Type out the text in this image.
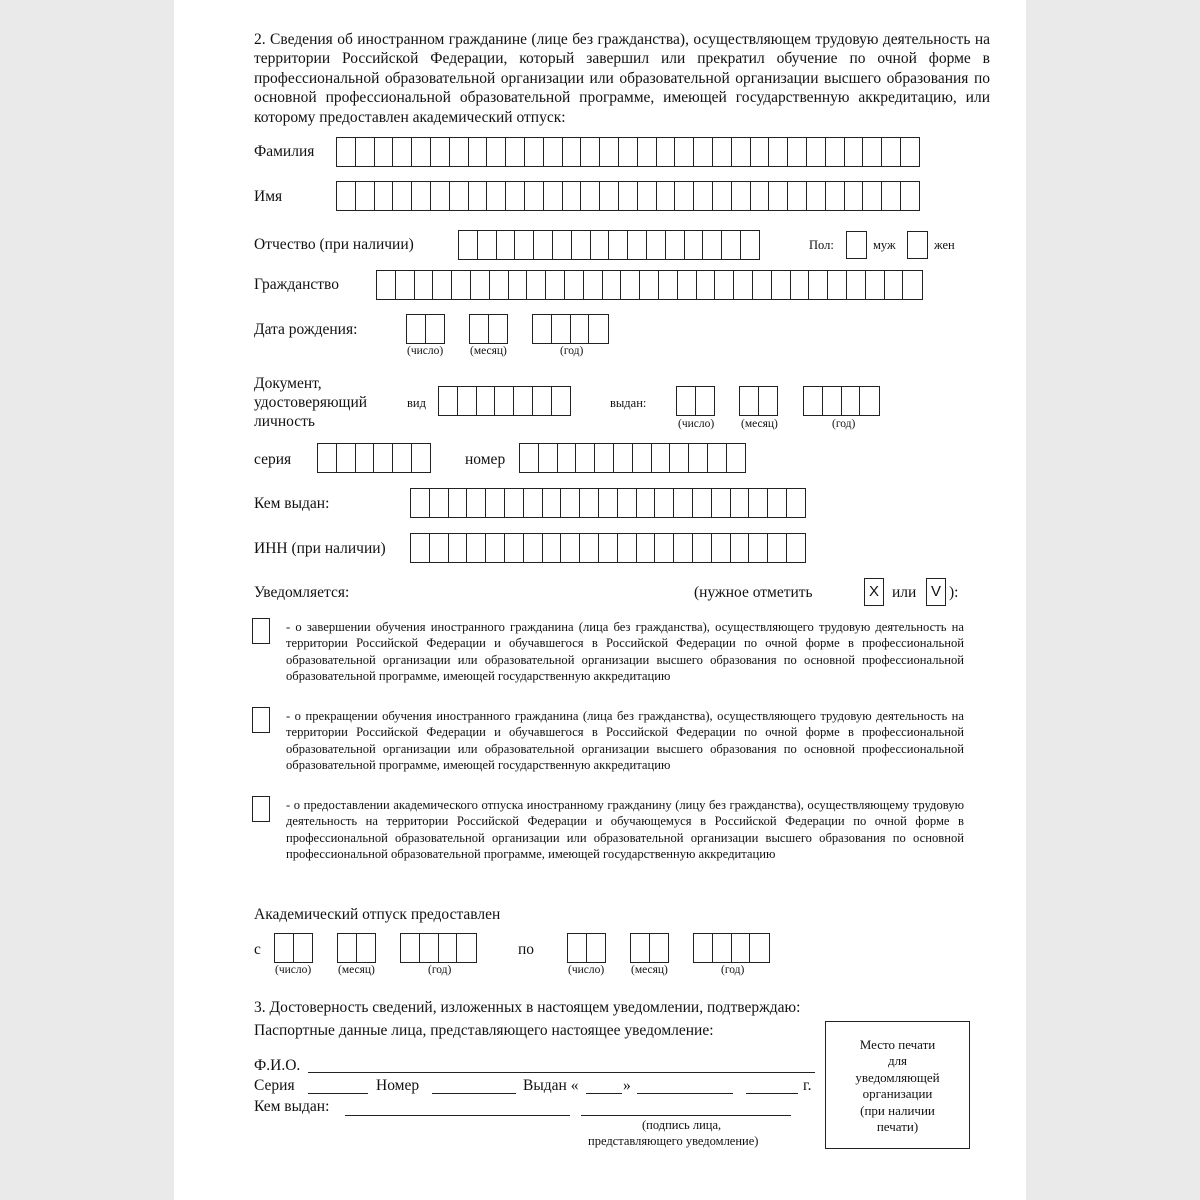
2. Сведения об иностранном гражданине (лице без гражданства), осуществляющем трудовую деятельность на территории Российской Федерации, который завершил или прекратил обучение по очной форме в профессиональной образовательной организации или образовательной организации высшего образования по основной профессиональной образовательной программе, имеющей государственную аккредитацию, или которому предоставлен академический отпуск:
Фамилия
Имя
Отчество (при наличии)	Пол:	муж	жен
Гражданство
Дата рождения:
(число) (месяц)	(год)
Документ,
удостоверяющий
личность
вид	выдан:
(число) (месяц)	(год)
серия	номер
Кем выдан:
ИНН (при наличии)
Уведомляется:	(нужное отметить	X или V ):
- о завершении обучения иностранного гражданина (лица без гражданства), осуществляющего трудовую деятельность на территории Российской Федерации и обучавшегося в Российской Федерации по очной форме в профессиональной образовательной организации или образовательной организации высшего образования по основной профессиональной образовательной программе, имеющей государственную аккредитацию
- о прекращении обучения иностранного гражданина (лица без гражданства), осуществляющего трудовую деятельность на территории Российской Федерации и обучавшегося в Российской Федерации по очной форме в профессиональной образовательной организации или образовательной организации высшего образования по основной профессиональной образовательной программе, имеющей государственную аккредитацию
- о предоставлении академического отпуска иностранному гражданину (лицу без гражданства), осуществляющему трудовую деятельность на территории Российской Федерации и обучающемуся в Российской Федерации по очной форме в профессиональной образовательной организации или образовательной организации высшего образования по основной профессиональной образовательной программе, имеющей государственную аккредитацию
Академический отпуск предоставлен
с
(число) (месяц)	(год)
по
(число) (месяц)	(год)
3. Достоверность сведений, изложенных в настоящем уведомлении, подтверждаю:
Паспортные данные лица, представляющего настоящее уведомление:
Ф.И.О.
Серия	Номер	Выдан «	»	г.
Кем выдан:
(подпись лица,
представляющего уведомление)
Место печати
для
уведомляющей
организации
(при наличии
печати)
